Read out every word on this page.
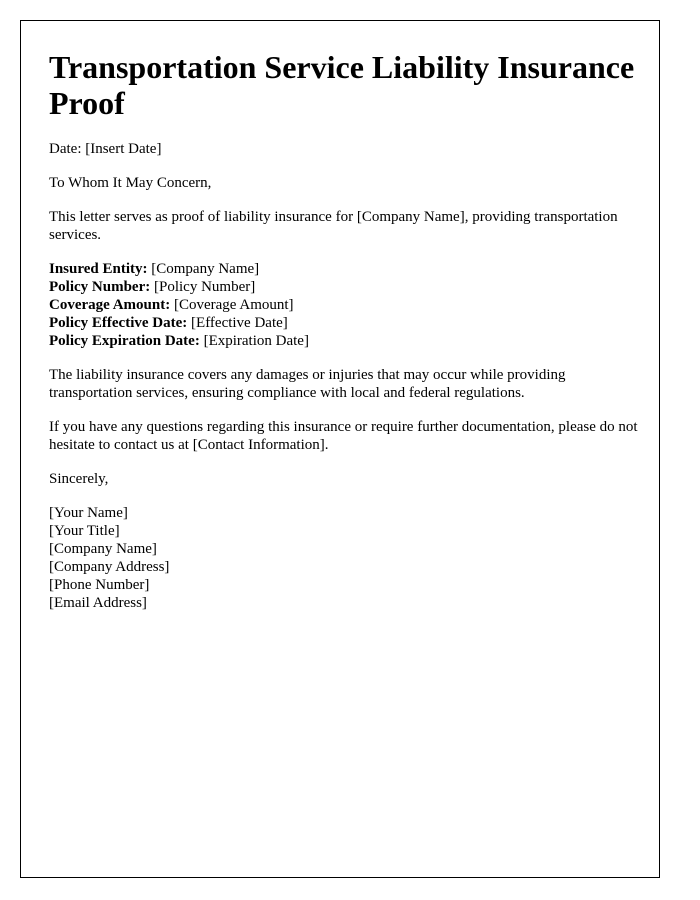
Transportation Service Liability Insurance Proof

Date: [Insert Date]

To Whom It May Concern,

This letter serves as proof of liability insurance for [Company Name], providing transportation services.

Insured Entity: [Company Name]
Policy Number: [Policy Number]
Coverage Amount: [Coverage Amount]
Policy Effective Date: [Effective Date]
Policy Expiration Date: [Expiration Date]

The liability insurance covers any damages or injuries that may occur while providing transportation services, ensuring compliance with local and federal regulations.

If you have any questions regarding this insurance or require further documentation, please do not hesitate to contact us at [Contact Information].

Sincerely,

[Your Name]
[Your Title]
[Company Name]
[Company Address]
[Phone Number]
[Email Address]
